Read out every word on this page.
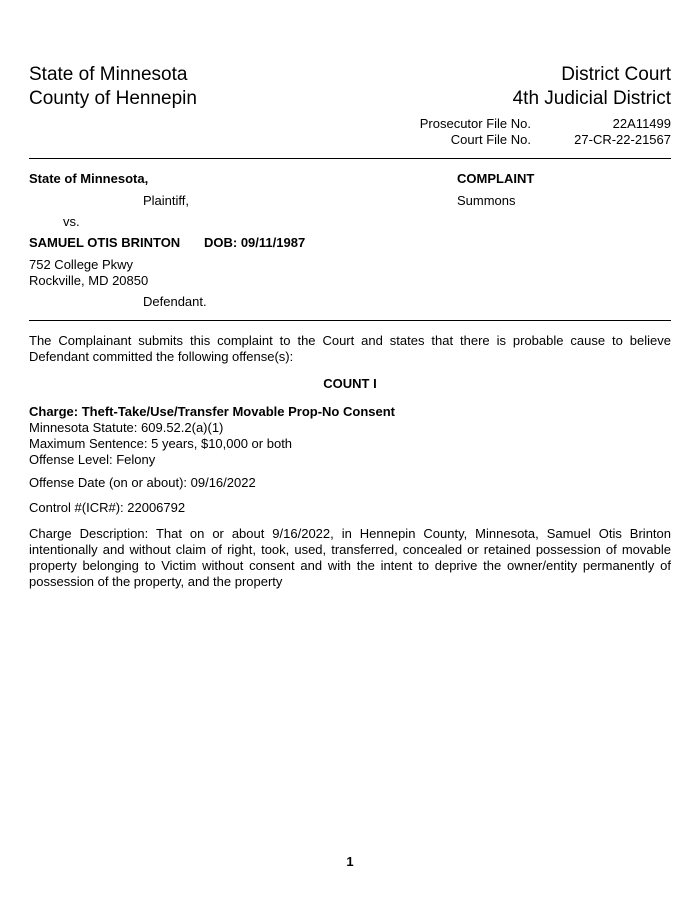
State of Minnesota
County of Hennepin
District Court
4th Judicial District
Prosecutor File No.	22A11499
Court File No.	27-CR-22-21567
State of Minnesota,
Plaintiff,
vs.
COMPLAINT
Summons
SAMUEL OTIS BRINTON DOB: 09/11/1987
752 College Pkwy
Rockville, MD 20850
Defendant.
The Complainant submits this complaint to the Court and states that there is probable cause to believe Defendant committed the following offense(s):
COUNT I
Charge: Theft-Take/Use/Transfer Movable Prop-No Consent
Minnesota Statute: 609.52.2(a)(1)
Maximum Sentence: 5 years, $10,000 or both
Offense Level: Felony
Offense Date (on or about): 09/16/2022
Control #(ICR#): 22006792
Charge Description: That on or about 9/16/2022, in Hennepin County, Minnesota, Samuel Otis Brinton intentionally and without claim of right, took, used, transferred, concealed or retained possession of movable property belonging to Victim without consent and with the intent to deprive the owner/entity permanently of possession of the property, and the property
1
